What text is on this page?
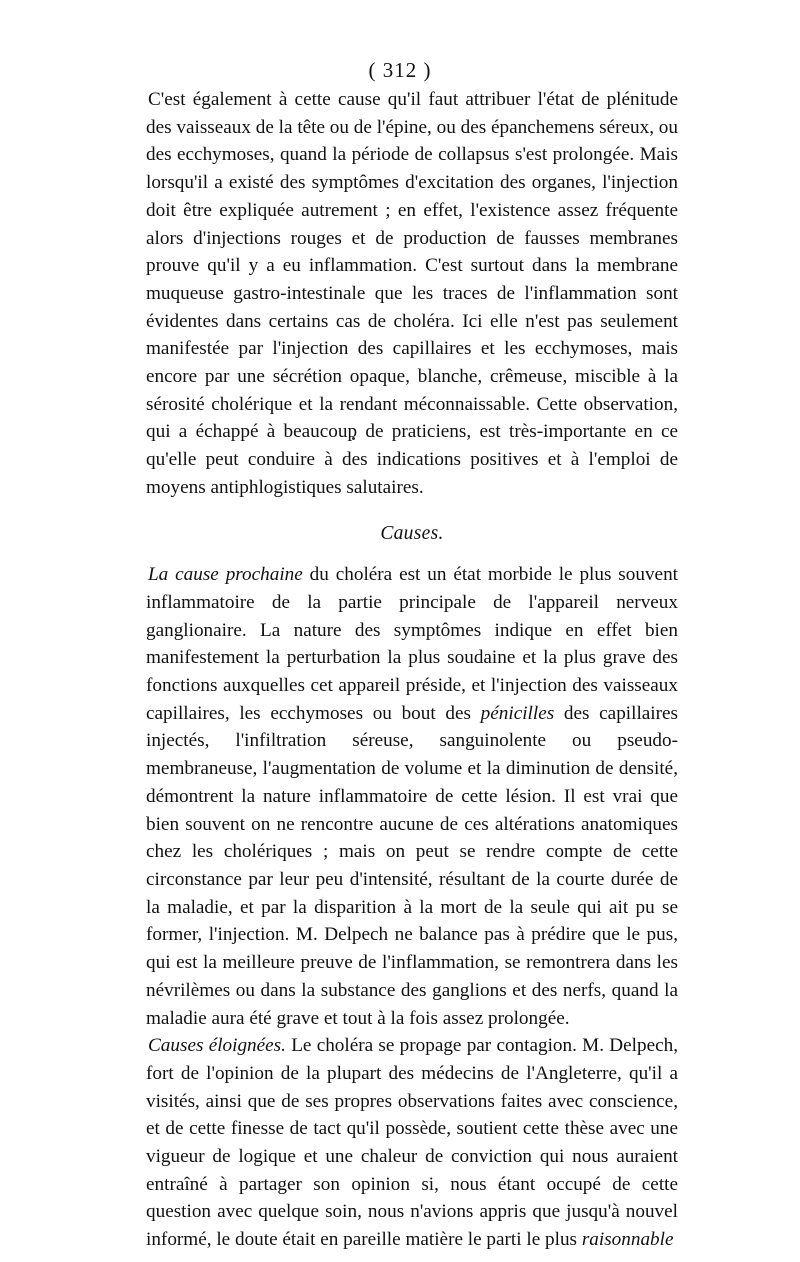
( 312 )

C'est également à cette cause qu'il faut attribuer l'état de plénitude des vaisseaux de la tête ou de l'épine, ou des épanchemens séreux, ou des ecchymoses, quand la période de collapsus s'est prolongée. Mais lorsqu'il a existé des symptômes d'excitation des organes, l'injection doit être expliquée autrement ; en effet, l'existence assez fréquente alors d'injections rouges et de production de fausses membranes prouve qu'il y a eu inflammation. C'est surtout dans la membrane muqueuse gastro-intestinale que les traces de l'inflammation sont évidentes dans certains cas de choléra. Ici elle n'est pas seulement manifestée par l'injection des capillaires et les ecchymoses, mais encore par une sécrétion opaque, blanche, crêmeuse, miscible à la sérosité cholérique et la rendant méconnaissable. Cette observation, qui a échappé à beaucoup de praticiens, est très-importante en ce qu'elle peut conduire à des indications positives et à l'emploi de moyens antiphlogistiques salutaires.

Causes.

La cause prochaine du choléra est un état morbide le plus souvent inflammatoire de la partie principale de l'appareil nerveux ganglionaire. La nature des symptômes indique en effet bien manifestement la perturbation la plus soudaine et la plus grave des fonctions auxquelles cet appareil préside, et l'injection des vaisseaux capillaires, les ecchymoses ou bout des pénicilles des capillaires injectés, l'infiltration séreuse, sanguinolente ou pseudo-membraneuse, l'augmentation de volume et la diminution de densité, démontrent la nature inflammatoire de cette lésion. Il est vrai que bien souvent on ne rencontre aucune de ces altérations anatomiques chez les cholériques ; mais on peut se rendre compte de cette circonstance par leur peu d'intensité, résultant de la courte durée de la maladie, et par la disparition à la mort de la seule qui ait pu se former, l'injection. M. Delpech ne balance pas à prédire que le pus, qui est la meilleure preuve de l'inflammation, se remontrera dans les névrilèmes ou dans la substance des ganglions et des nerfs, quand la maladie aura été grave et tout à la fois assez prolongée.

Causes éloignées. Le choléra se propage par contagion. M. Delpech, fort de l'opinion de la plupart des médecins de l'Angleterre, qu'il a visités, ainsi que de ses propres observations faites avec conscience, et de cette finesse de tact qu'il possède, soutient cette thèse avec une vigueur de logique et une chaleur de conviction qui nous auraient entraîné à partager son opinion si, nous étant occupé de cette question avec quelque soin, nous n'avions appris que jusqu'à nouvel informé, le doute était en pareille matière le parti le plus raisonnable
